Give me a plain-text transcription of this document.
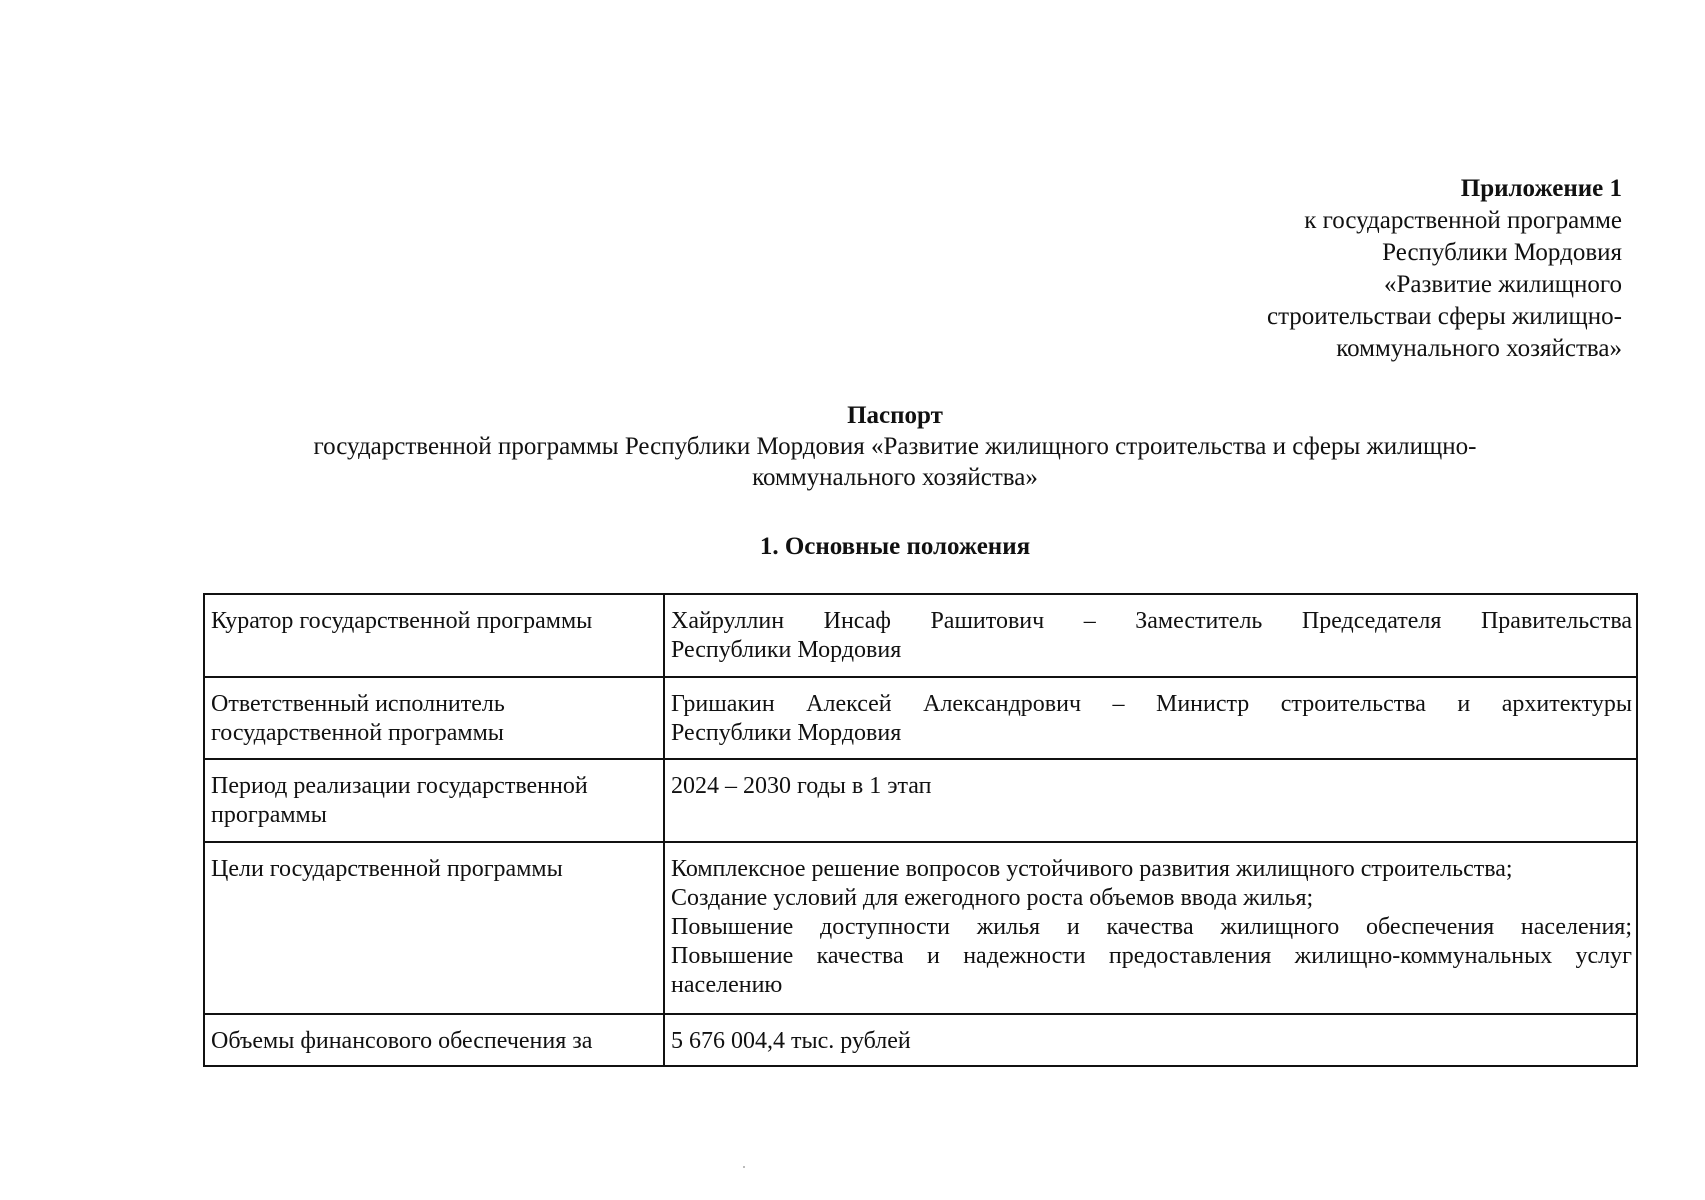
Приложение 1
к государственной программе
Республики Мордовия
«Развитие жилищного
строительстваи сферы жилищно-
коммунального хозяйства»
Паспорт
государственной программы Республики Мордовия «Развитие жилищного строительства и сферы жилищно-
коммунального хозяйства»
1. Основные положения
Куратор государственной программы	Хайруллин Инсаф Рашитович – Заместитель Председателя Правительства
Республики Мордовия

Ответственный исполнитель государственной программы	Гришакин Алексей Александрович – Министр строительства и архитектуры
Республики Мордовия

Период реализации государственной программы	2024 – 2030 годы в 1 этап

Цели государственной программы	Комплексное решение вопросов устойчивого развития жилищного строительства;
Создание условий для ежегодного роста объемов ввода жилья;
Повышение доступности жилья и качества жилищного обеспечения населения;
Повышение качества и надежности предоставления жилищно-коммунальных услуг
населению

Объемы финансового обеспечения за	5 676 004,4 тыс. рублей
